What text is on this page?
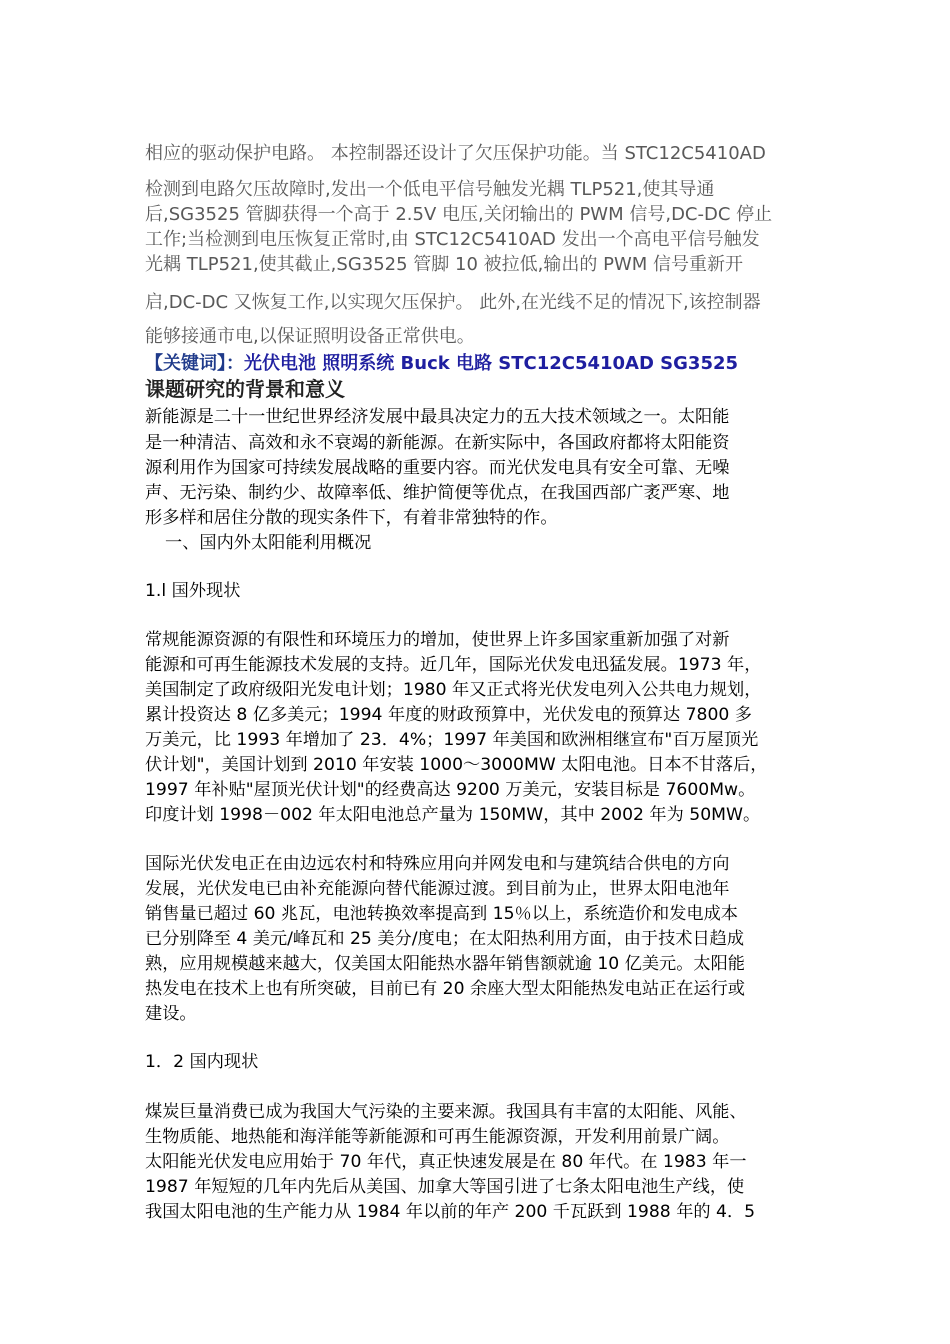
相应的驱动保护电路。 本控制器还设计了欠压保护功能。当 STC12C5410AD

检测到电路欠压故障时,发出一个低电平信号触发光耦 TLP521,使其导通

后,SG3525 管脚获得一个高于 2.5V 电压,关闭输出的 PWM 信号,DC-DC 停止

工作;当检测到电压恢复正常时,由 STC12C5410AD 发出一个高电平信号触发

光耦 TLP521,使其截止,SG3525 管脚 10 被拉低,输出的 PWM 信号重新开

启,DC-DC 又恢复工作,以实现欠压保护。 此外,在光线不足的情况下,该控制器

能够接通市电,以保证照明设备正常供电。

【关键词】：光伏电池 照明系统 Buck 电路 STC12C5410AD SG3525

课题研究的背景和意义

新能源是二十一世纪世界经济发展中最具决定力的五大技术领域之一。太阳能

是一种清洁、高效和永不衰竭的新能源。在新实际中，各国政府都将太阳能资

源利用作为国家可持续发展战略的重要内容。而光伏发电具有安全可靠、无噪

声、无污染、制约少、故障率低、维护简便等优点，在我国西部广袤严寒、地

形多样和居住分散的现实条件下，有着非常独特的作。

一、国内外太阳能利用概况

1.l 国外现状

常规能源资源的有限性和环境压力的增加，使世界上许多国家重新加强了对新

能源和可再生能源技术发展的支持。近几年，国际光伏发电迅猛发展。1973 年，

美国制定了政府级阳光发电计划；1980 年又正式将光伏发电列入公共电力规划，

累计投资达 8 亿多美元；1994 年度的财政预算中，光伏发电的预算达 7800 多

万美元，比 1993 年增加了 23．4%；1997 年美国和欧洲相继宣布"百万屋顶光

伏计划"，美国计划到 2010 年安装 1000～3000MW 太阳电池。日本不甘落后，

1997 年补贴"屋顶光伏计划"的经费高达 9200 万美元，安装目标是 7600Mw。

印度计划 1998－002 年太阳电池总产量为 150MW，其中 2002 年为 50MW。

国际光伏发电正在由边远农村和特殊应用向并网发电和与建筑结合供电的方向

发展，光伏发电已由补充能源向替代能源过渡。到目前为止，世界太阳电池年

销售量已超过 60 兆瓦，电池转换效率提高到 15％以上，系统造价和发电成本

已分别降至 4 美元/峰瓦和 25 美分/度电；在太阳热利用方面，由于技术日趋成

熟，应用规模越来越大，仅美国太阳能热水器年销售额就逾 10 亿美元。太阳能

热发电在技术上也有所突破，目前已有 20 余座大型太阳能热发电站正在运行或

建设。

1．2 国内现状

煤炭巨量消费已成为我国大气污染的主要来源。我国具有丰富的太阳能、风能、

生物质能、地热能和海洋能等新能源和可再生能源资源，开发利用前景广阔。

太阳能光伏发电应用始于 70 年代，真正快速发展是在 80 年代。在 1983 年一

1987 年短短的几年内先后从美国、加拿大等国引进了七条太阳电池生产线，使

我国太阳电池的生产能力从 1984 年以前的年产 200 千瓦跃到 1988 年的 4．5
